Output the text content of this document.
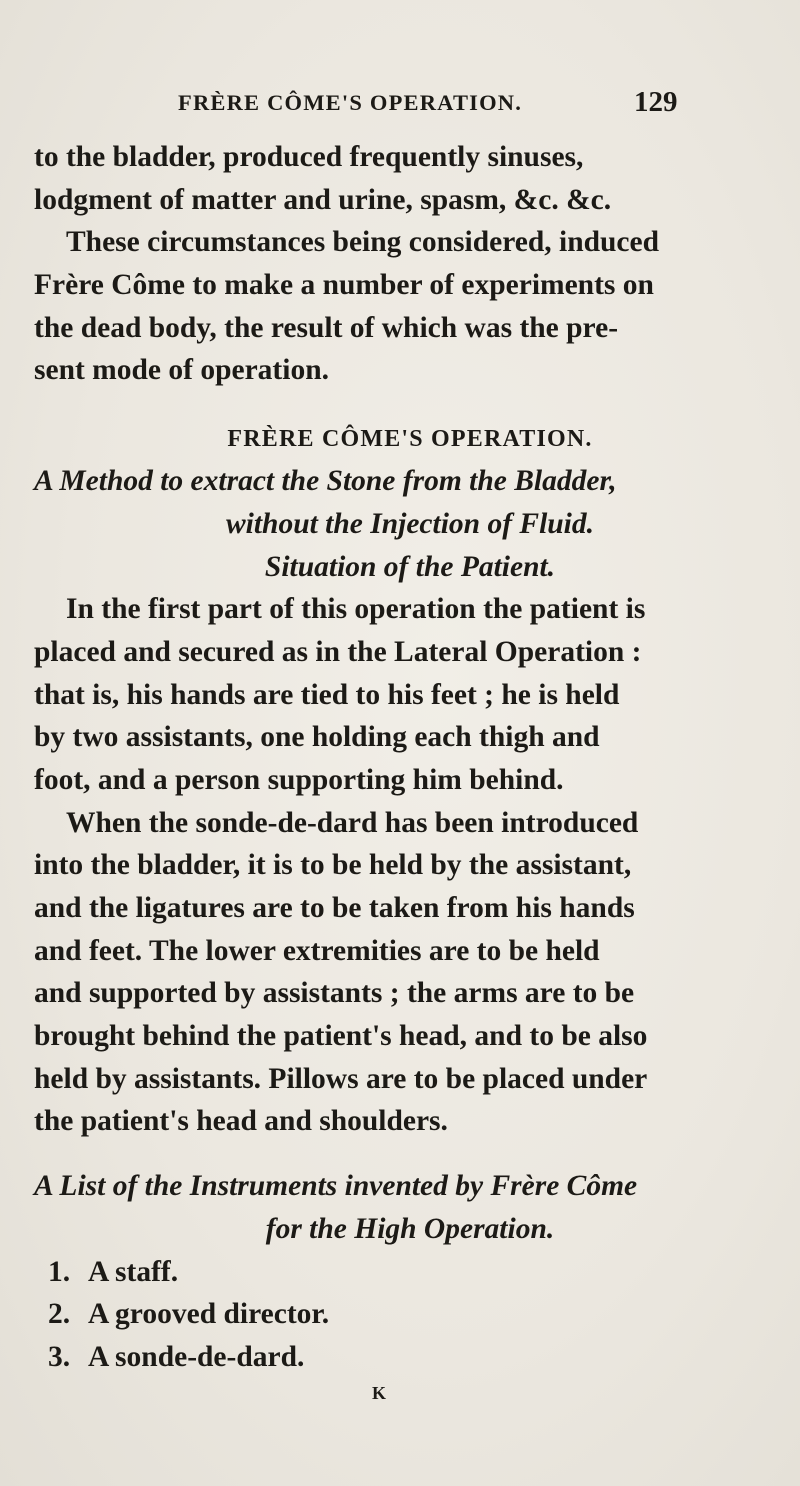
FRÈRE CÔME'S OPERATION.	129
to the bladder, produced frequently sinuses,
lodgment of matter and urine, spasm, &c. &c.
These circumstances being considered, induced
Frère Côme to make a number of experiments on
the dead body, the result of which was the pre-
sent mode of operation.
FRÈRE CÔME'S OPERATION.
A Method to extract the Stone from the Bladder,
without the Injection of Fluid.
Situation of the Patient.
In the first part of this operation the patient is
placed and secured as in the Lateral Operation :
that is, his hands are tied to his feet ; he is held
by two assistants, one holding each thigh and
foot, and a person supporting him behind.
When the sonde-de-dard has been introduced
into the bladder, it is to be held by the assistant,
and the ligatures are to be taken from his hands
and feet. The lower extremities are to be held
and supported by assistants ; the arms are to be
brought behind the patient's head, and to be also
held by assistants. Pillows are to be placed under
the patient's head and shoulders.
A List of the Instruments invented by Frère Côme
for the High Operation.
1. A staff.
2. A grooved director.
3. A sonde-de-dard.
K
